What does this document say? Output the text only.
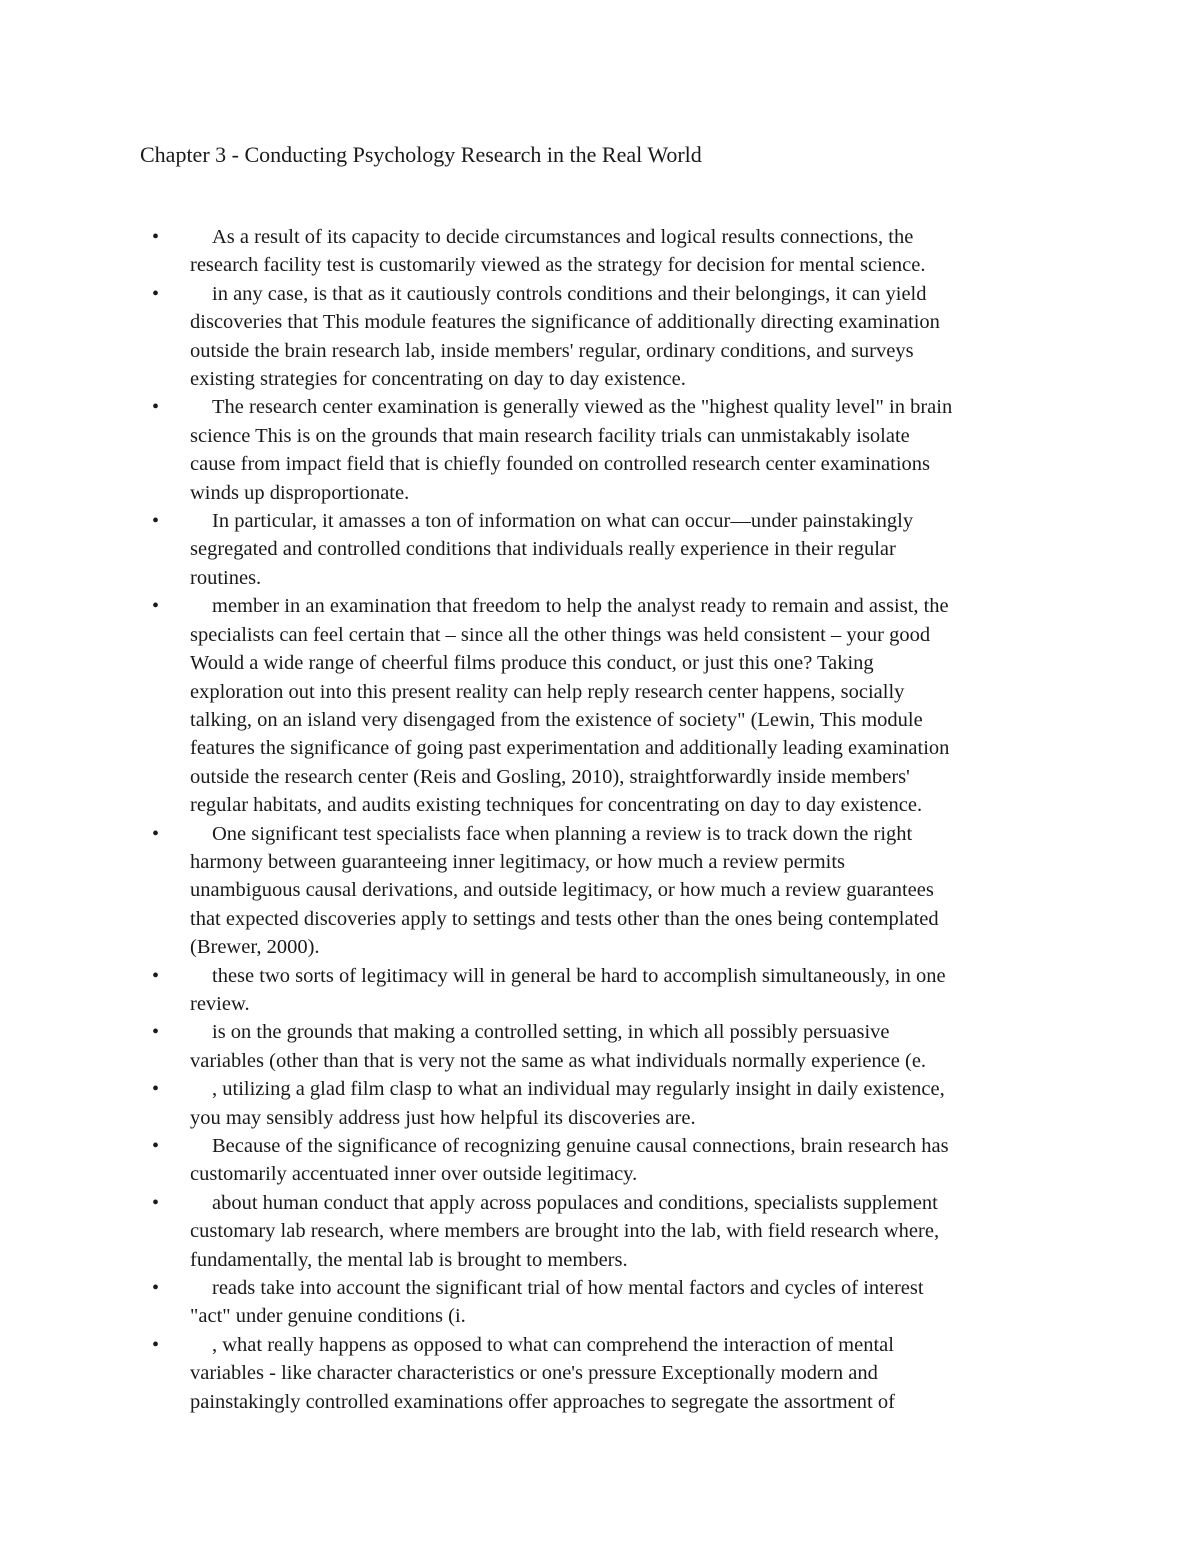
Chapter 3 - Conducting Psychology Research in the Real World
•	As a result of its capacity to decide circumstances and logical results connections, the
research facility test is customarily viewed as the strategy for decision for mental science.
•	in any case, is that as it cautiously controls conditions and their belongings, it can yield
discoveries that This module features the significance of additionally directing examination
outside the brain research lab, inside members' regular, ordinary conditions, and surveys
existing strategies for concentrating on day to day existence.
•	The research center examination is generally viewed as the "highest quality level" in brain
science This is on the grounds that main research facility trials can unmistakably isolate
cause from impact field that is chiefly founded on controlled research center examinations
winds up disproportionate.
•	In particular, it amasses a ton of information on what can occur—under painstakingly
segregated and controlled conditions that individuals really experience in their regular
routines.
•	member in an examination that freedom to help the analyst ready to remain and assist, the
specialists can feel certain that – since all the other things was held consistent – your good
Would a wide range of cheerful films produce this conduct, or just this one? Taking
exploration out into this present reality can help reply research center happens, socially
talking, on an island very disengaged from the existence of society" (Lewin, This module
features the significance of going past experimentation and additionally leading examination
outside the research center (Reis and Gosling, 2010), straightforwardly inside members'
regular habitats, and audits existing techniques for concentrating on day to day existence.
•	One significant test specialists face when planning a review is to track down the right
harmony between guaranteeing inner legitimacy, or how much a review permits
unambiguous causal derivations, and outside legitimacy, or how much a review guarantees
that expected discoveries apply to settings and tests other than the ones being contemplated
(Brewer, 2000).
•	these two sorts of legitimacy will in general be hard to accomplish simultaneously, in one
review.
•	is on the grounds that making a controlled setting, in which all possibly persuasive
variables (other than that is very not the same as what individuals normally experience (e.
•	, utilizing a glad film clasp to what an individual may regularly insight in daily existence,
you may sensibly address just how helpful its discoveries are.
•	Because of the significance of recognizing genuine causal connections, brain research has
customarily accentuated inner over outside legitimacy.
•	about human conduct that apply across populaces and conditions, specialists supplement
customary lab research, where members are brought into the lab, with field research where,
fundamentally, the mental lab is brought to members.
•	reads take into account the significant trial of how mental factors and cycles of interest
"act" under genuine conditions (i.
•	, what really happens as opposed to what can comprehend the interaction of mental
variables - like character characteristics or one's pressure Exceptionally modern and
painstakingly controlled examinations offer approaches to segregate the assortment of
